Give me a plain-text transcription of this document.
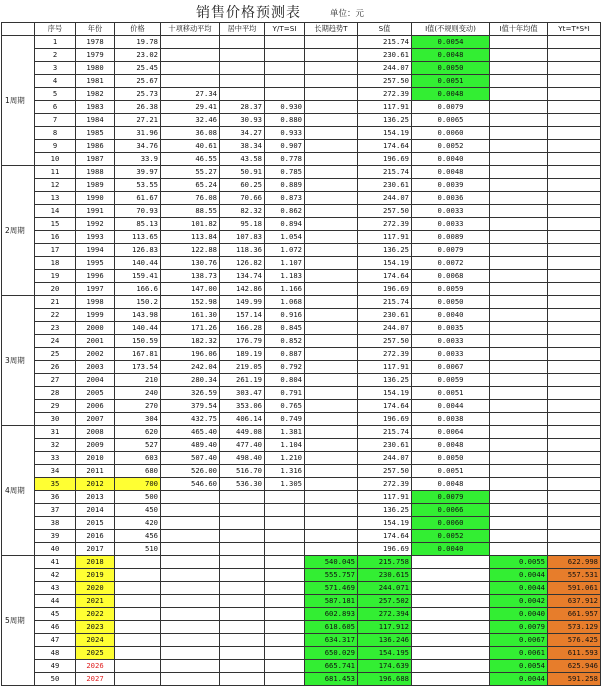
销售价格预测表	单位：元
	序号	年份	价格	十项移动平均	居中平均	Y/T=SI	长期趋势T	S值	I值(不规则变动)	I值十年均值	Yt=T*S*I
1周期	1	1978	19.78					215.74	0.0054		
	2	1979	23.02					230.61	0.0048		
	3	1980	25.45					244.07	0.0050		
	4	1981	25.67					257.50	0.0051		
	5	1982	25.73	27.34				272.39	0.0048		
	6	1983	26.38	29.41	28.37	0.930		117.91	0.0079		
	7	1984	27.21	32.46	30.93	0.880		136.25	0.0065		
	8	1985	31.96	36.08	34.27	0.933		154.19	0.0060		
	9	1986	34.76	40.61	38.34	0.907		174.64	0.0052		
	10	1987	33.9	46.55	43.58	0.778		196.69	0.0040		
2周期	11	1988	39.97	55.27	50.91	0.785		215.74	0.0048		
	12	1989	53.55	65.24	60.25	0.889		230.61	0.0039		
	13	1990	61.67	76.08	70.66	0.873		244.07	0.0036		
	14	1991	70.93	88.55	82.32	0.862		257.50	0.0033		
	15	1992	85.13	101.82	95.18	0.894		272.39	0.0033		
	16	1993	113.65	113.84	107.83	1.054		117.91	0.0089		
	17	1994	126.83	122.88	118.36	1.072		136.25	0.0079		
	18	1995	140.44	130.76	126.82	1.107		154.19	0.0072		
	19	1996	159.41	138.73	134.74	1.183		174.64	0.0068		
	20	1997	166.6	147.00	142.86	1.166		196.69	0.0059		
3周期	21	1998	150.2	152.98	149.99	1.068		215.74	0.0050		
	22	1999	143.98	161.30	157.14	0.916		230.61	0.0040		
	23	2000	140.44	171.26	166.28	0.845		244.07	0.0035		
	24	2001	150.59	182.32	176.79	0.852		257.50	0.0033		
	25	2002	167.81	196.06	189.19	0.887		272.39	0.0033		
	26	2003	173.54	242.04	219.05	0.792		117.91	0.0067		
	27	2004	210	280.34	261.19	0.804		136.25	0.0059		
	28	2005	240	326.59	303.47	0.791		154.19	0.0051		
	29	2006	270	379.54	353.06	0.765		174.64	0.0044		
	30	2007	304	432.75	406.14	0.749		196.69	0.0038		
4周期	31	2008	620	465.40	449.08	1.381		215.74	0.0064		
	32	2009	527	489.40	477.40	1.104		230.61	0.0048		
	33	2010	603	507.40	498.40	1.210		244.07	0.0050		
	34	2011	680	526.00	516.70	1.316		257.50	0.0051		
	35	2012	700	546.60	536.30	1.305		272.39	0.0048		
	36	2013	500					117.91	0.0079		
	37	2014	450					136.25	0.0066		
	38	2015	420					154.19	0.0060		
	39	2016	456					174.64	0.0052		
	40	2017	510					196.69	0.0040		
5周期	41	2018					540.045	215.758		0.0055	622.998
	42	2019					555.757	230.615		0.0044	557.531
	43	2020					571.469	244.071		0.0044	591.061
	44	2021					587.181	257.502		0.0042	637.912
	45	2022					602.893	272.394		0.0040	661.957
	46	2023					618.605	117.912		0.0079	573.129
	47	2024					634.317	136.246		0.0067	576.425
	48	2025					650.029	154.195		0.0061	611.593
	49	2026					665.741	174.639		0.0054	625.946
	50	2027					681.453	196.688		0.0044	591.258
